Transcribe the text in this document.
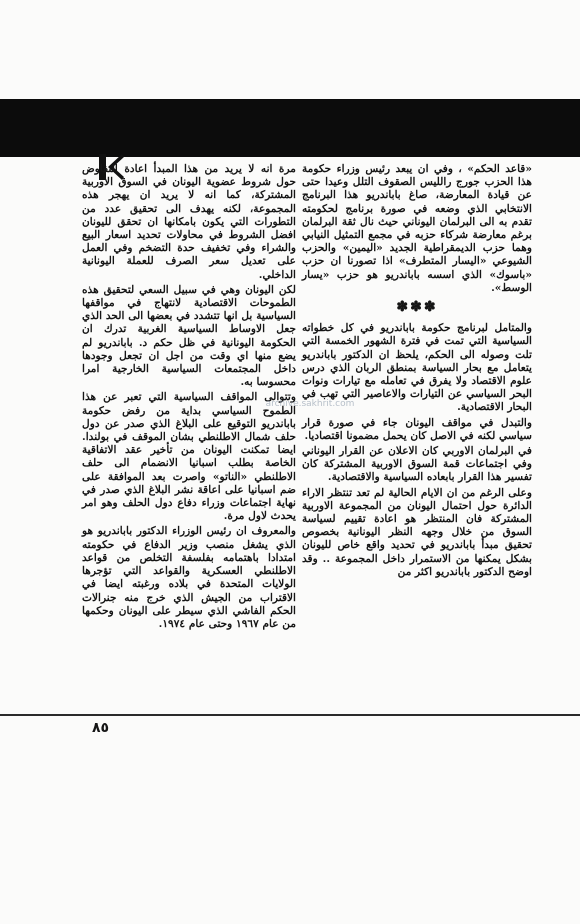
«قاعد الحكم» ، وفي ان يبعد رئيس وزراء حكومة هذا الحزب جورج رالليس الصقوف التلل وعيدا حتى عن قيادة المعارضة، صاغ باباندريو هذا البرنامج الانتخابي الذي وضعه في صورة برنامج لحكومته تقدم به الى البرلمان اليوناني حيث نال ثقة البرلمان برغم معارضة شركاء حزبه في مجمع التمثيل النيابي وهما حزب الديمقراطية الجديد «اليمين» والحزب الشيوعي «اليسار المتطرف» اذا تصورنا ان حزب «باسوك» الذي اسسه باباندريو هو حزب «يسار الوسط».

✽✽✽

والمتامل لبرنامج حكومة باباندريو في كل خطواته السياسية التي تمت في فترة الشهور الخمسة التي تلت وصوله الى الحكم، يلحظ ان الدكتور باباندريو يتعامل مع بحار السياسة بمنطق الربان الذي درس علوم الاقتصاد ولا يفرق في تعامله مع تيارات ونوات البحر السياسي عن التيارات والاعاصير التي تهب في البحار الاقتصادية.

والتبدل في مواقف اليونان جاء في صورة قرار سياسي لكنه في الاصل كان يحمل مضمونا اقتصاديا.

في البرلمان الاوربي كان الاعلان عن القرار اليوناني وفي اجتماعات قمة السوق الاوربية المشتركة كان تفسير هذا القرار بابعاده السياسية والاقتصادية.

وعلى الرغم من ان الايام الحالية لم تعد تنتظر الاراء الدائرة حول احتمال اليونان من المجموعة الاوربية المشتركة فان المنتظر هو اعادة تقييم لسياسة السوق من خلال وجهه النظر اليونانية بخصوص تحقيق مبدأ باباندريو في تحديد واقع خاص لليونان بشكل يمكنها من الاستمرار داخل المجموعة .. وقد اوضح الدكتور باباندريو اكثر من

مرة انه لا يريد من هذا المبدأ اعادة التفاوض حول شروط عضوية اليونان في السوق الاوربية المشتركة، كما انه لا يريد ان يهجر هذه المجموعة، لكنه يهدف الى تحقيق عدد من التطورات التي يكون بامكانها ان تحقق لليونان افضل الشروط في محاولات تحديد اسعار البيع والشراء وفي تخفيف حدة التضخم وفي العمل على تعديل سعر الصرف للعملة اليونانية الداخلي.

لكن اليونان وهي في سبيل السعي لتحقيق هذه الطموحات الاقتصادية لانتهاج في مواقفها السياسية بل انها تتشدد في بعضها الى الحد الذي جعل الاوساط السياسية الغربية تدرك ان الحكومة اليونانية في ظل حكم د. باباندريو لم يضع منها اي وقت من اجل ان تجعل وجودها داخل المجتمعات السياسية الخارجية امرا محسوسا به.

وتتوالى المواقف السياسية التي تعبر عن هذا الطموح السياسي بداية من رفض حكومة باباندريو التوقيع على البلاغ الذي صدر عن دول حلف شمال الاطلنطي بشان الموقف في بولندا. ايضا تمكنت اليونان من تأخير عقد الاتفاقية الخاصة بطلب اسبانيا الانضمام الى حلف الاطلنطي «الناتو» واصرت بعد الموافقة على ضم اسبانيا على اعاقة نشر البلاغ الذي صدر في نهاية اجتماعات وزراء دفاع دول الحلف وهو امر يحدث لاول مرة.

والمعروف ان رئيس الوزراء الدكتور باباندريو هو الذي يشغل منصب وزير الدفاع في حكومته امتدادا باهتمامه بفلسفة التخلص من قواعد الاطلنطي العسكرية والقواعد التي تؤجرها الولايات المتحدة في بلاده ورغبته ايضا في الاقتراب من الجيش الذي خرج منه جنرالات الحكم الفاشي الذي سيطر على اليونان وحكمها من عام ١٩٦٧ وحتى عام ١٩٧٤.

archive.sakhrit.com
٨٥
